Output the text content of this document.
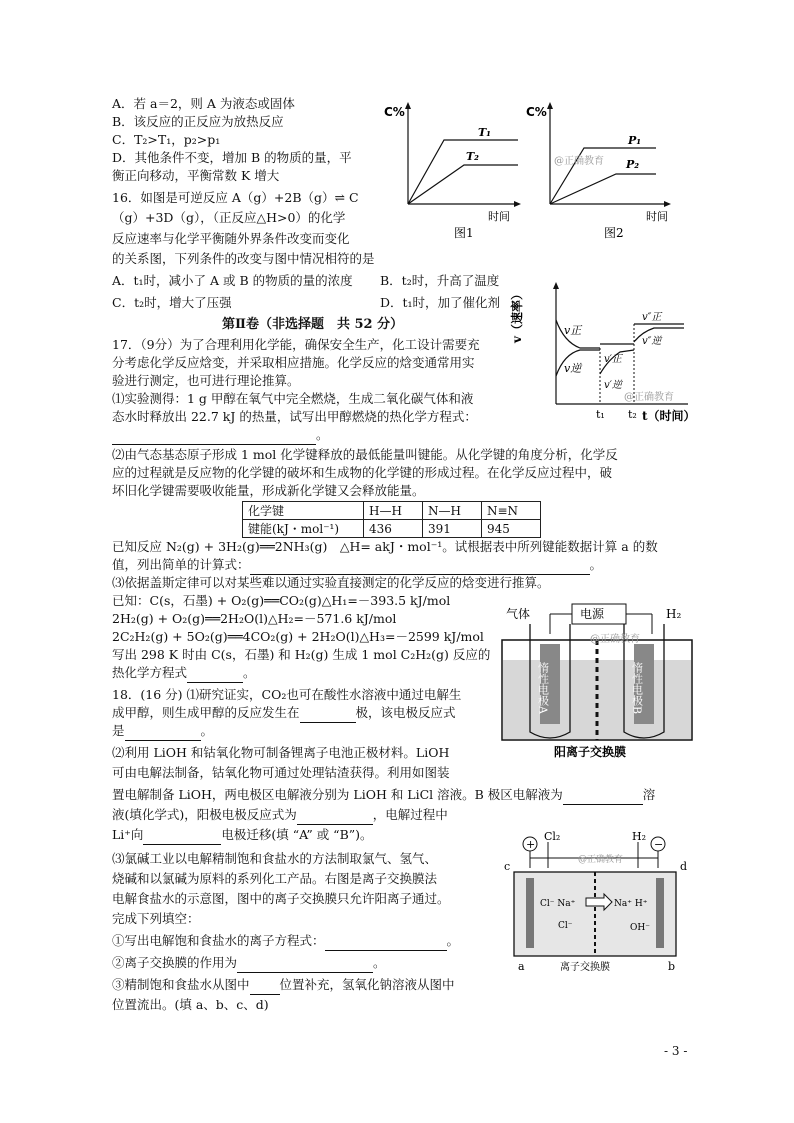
A．若 a＝2，则 A 为液态或固体
B．该反应的正反应为放热反应
C．T₂>T₁，p₂>p₁
D．其他条件不变，增加 B 的物质的量，平
衡正向移动，平衡常数 K 增大
C%
T₁
T₂
时间
图1
C%
P₁
P₂
@正确教育
时间
图2
16．如图是可逆反应 A（g）+2B（g）⇌ C
（g）+3D（g），（正反应△H>0）的化学
反应速率与化学平衡随外界条件改变而变化
的关系图，下列条件的改变与图中情况相符的是
A．t₁时，减小了 A 或 B 的物质的量的浓度 B．t₂时，升高了温度
C．t₂时，增大了压强	D．t₁时，加了催化剂 v（速率）	v正
v逆
v′正
v′逆
v″正
v″逆
@正确教育
t₁ t₂ t（时间）
第Ⅱ卷（非选择题　共 52 分）
17．（9分）为了合理利用化学能，确保安全生产，化工设计需要充
分考虑化学反应焓变，并采取相应措施。化学反应的焓变通常用实
验进行测定，也可进行理论推算。
⑴实验测得：1 g 甲醇在氧气中完全燃烧，生成二氧化碳气体和液
态水时释放出 22.7 kJ 的热量，试写出甲醇燃烧的热化学方程式：
。
⑵由气态基态原子形成 1 mol 化学键释放的最低能量叫键能。从化学键的角度分析，化学反
应的过程就是反应物的化学键的破坏和生成物的化学键的形成过程。在化学反应过程中，破
坏旧化学键需要吸收能量，形成新化学键又会释放能量。
化学键	H—H	N—H	N≡N
键能(kJ・mol⁻¹)	436	391	945
已知反应 N₂(g) + 3H₂(g)══2NH₃(g)　△H= akJ・mol⁻¹。试根据表中所列键能数据计算 a 的数
值，列出简单的计算式：	。
⑶依据盖斯定律可以对某些难以通过实验直接测定的化学反应的焓变进行推算。
已知：C(s，石墨) + O₂(g)══CO₂(g)△H₁=－393.5 kJ/mol
2H₂(g) + O₂(g)══2H₂O(l)△H₂=－571.6 kJ/mol
2C₂H₂(g) + 5O₂(g)══4CO₂(g) + 2H₂O(l)△H₃=－2599 kJ/mol
写出 298 K 时由 C(s，石墨) 和 H₂(g) 生成 1 mol C₂H₂(g) 反应的
热化学方程式	。
气体	H₂
电源
惰性电极A	惰性电极B
@正确教育
阳离子交换膜
18．(16 分) ⑴研究证实，CO₂也可在酸性水溶液中通过电解生
成甲醇，则生成甲醇的反应发生在	极，该电极反应式
是	。
⑵利用 LiOH 和钴氧化物可制备锂离子电池正极材料。LiOH
可由电解法制备，钴氧化物可通过处理钴渣获得。利用如图装
置电解制备 LiOH，两电极区电解液分别为 LiOH 和 LiCl 溶液。B 极区电解液为	溶
液(填化学式)，阳极电极反应式为	，电解过程中
Li⁺向	电极迁移(填 “A” 或 “B”)。
⑶氯碱工业以电解精制饱和食盐水的方法制取氯气、氢气、
烧碱和以氯碱为原料的系列化工产品。右图是离子交换膜法
电解食盐水的示意图，图中的离子交换膜只允许阳离子通过。
完成下列填空：
①写出电解饱和食盐水的离子方程式：	。
②离子交换膜的作用为	。
③精制饱和食盐水从图中 位置补充，氢氧化钠溶液从图中
位置流出。(填 a、b、c、d)
Cl₂	H₂
+	−
@正确教育
c	d
Cl⁻ Na⁺	Na⁺ H⁺
Cl⁻	OH⁻
a	b
离子交换膜
- 3 -
